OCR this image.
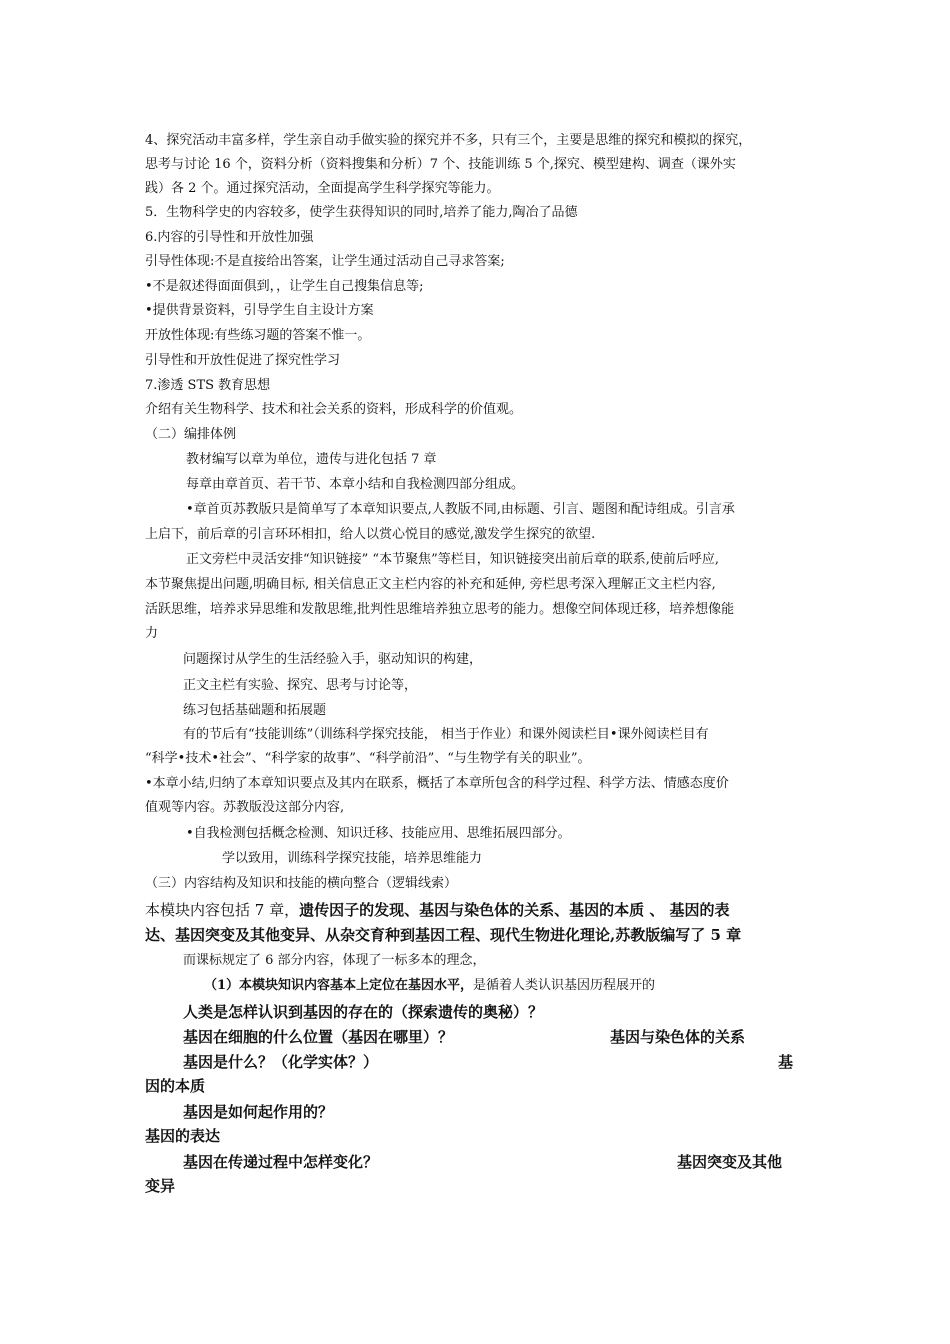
4、探究活动丰富多样，学生亲自动手做实验的探究并不多，只有三个，主要是思维的探究和模拟的探究，
思考与讨论 16 个，资料分析（资料搜集和分析）7 个、技能训练 5 个,探究、模型建构、调查（课外实
践）各 2 个。通过探究活动，全面提高学生科学探究等能力。
5．生物科学史的内容较多，使学生获得知识的同时,培养了能力,陶冶了品德
6.内容的引导性和开放性加强
引导性体现:不是直接给出答案，让学生通过活动自己寻求答案;
•不是叙述得面面俱到，，让学生自己搜集信息等;
•提供背景资料，引导学生自主设计方案
开放性体现:有些练习题的答案不惟一。
引导性和开放性促进了探究性学习
7.渗透 STS 教育思想
介绍有关生物科学、技术和社会关系的资料，形成科学的价值观。
（二）编排体例
教材编写以章为单位，遗传与进化包括 7 章
每章由章首页、若干节、本章小结和自我检测四部分组成。
•章首页苏教版只是简单写了本章知识要点,人教版不同,由标题、引言、题图和配诗组成。引言承
上启下，前后章的引言环环相扣，给人以赏心悦目的感觉,激发学生探究的欲望.
正文旁栏中灵活安排“知识链接” “本节聚焦”等栏目，知识链接突出前后章的联系,使前后呼应,
本节聚焦提出问题,明确目标, 相关信息正文主栏内容的补充和延伸, 旁栏思考深入理解正文主栏内容,
活跃思维，培养求异思维和发散思维,批判性思维培养独立思考的能力。想像空间体现迁移，培养想像能
力
问题探讨从学生的生活经验入手，驱动知识的构建，
正文主栏有实验、探究、思考与讨论等，
练习包括基础题和拓展题
有的节后有“技能训练”（训练科学探究技能， 相当于作业）和课外阅读栏目•课外阅读栏目有
“科学•技术•社会”、“科学家的故事”、“科学前沿”、“与生物学有关的职业”。
•本章小结,归纳了本章知识要点及其内在联系，概括了本章所包含的科学过程、科学方法、情感态度价
值观等内容。苏教版没这部分内容,
•自我检测包括概念检测、知识迁移、技能应用、思维拓展四部分。
学以致用，训练科学探究技能，培养思维能力
（三）内容结构及知识和技能的横向整合（逻辑线索）
本模块内容包括 7 章，遗传因子的发现、基因与染色体的关系、基因的本质 、 基因的表
达、基因突变及其他变异、从杂交育种到基因工程、现代生物进化理论,苏教版编写了 5 章
而课标规定了 6 部分内容，体现了一标多本的理念，
（1）本模块知识内容基本上定位在基因水平，是循着人类认识基因历程展开的
人类是怎样认识到基因的存在的（探索遗传的奥秘）？
基因在细胞的什么位置（基因在哪里）？	基因与染色体的关系
基因是什么？（化学实体？）	基
因的本质
基因是如何起作用的？
基因的表达
基因在传递过程中怎样变化？	基因突变及其他
变异
